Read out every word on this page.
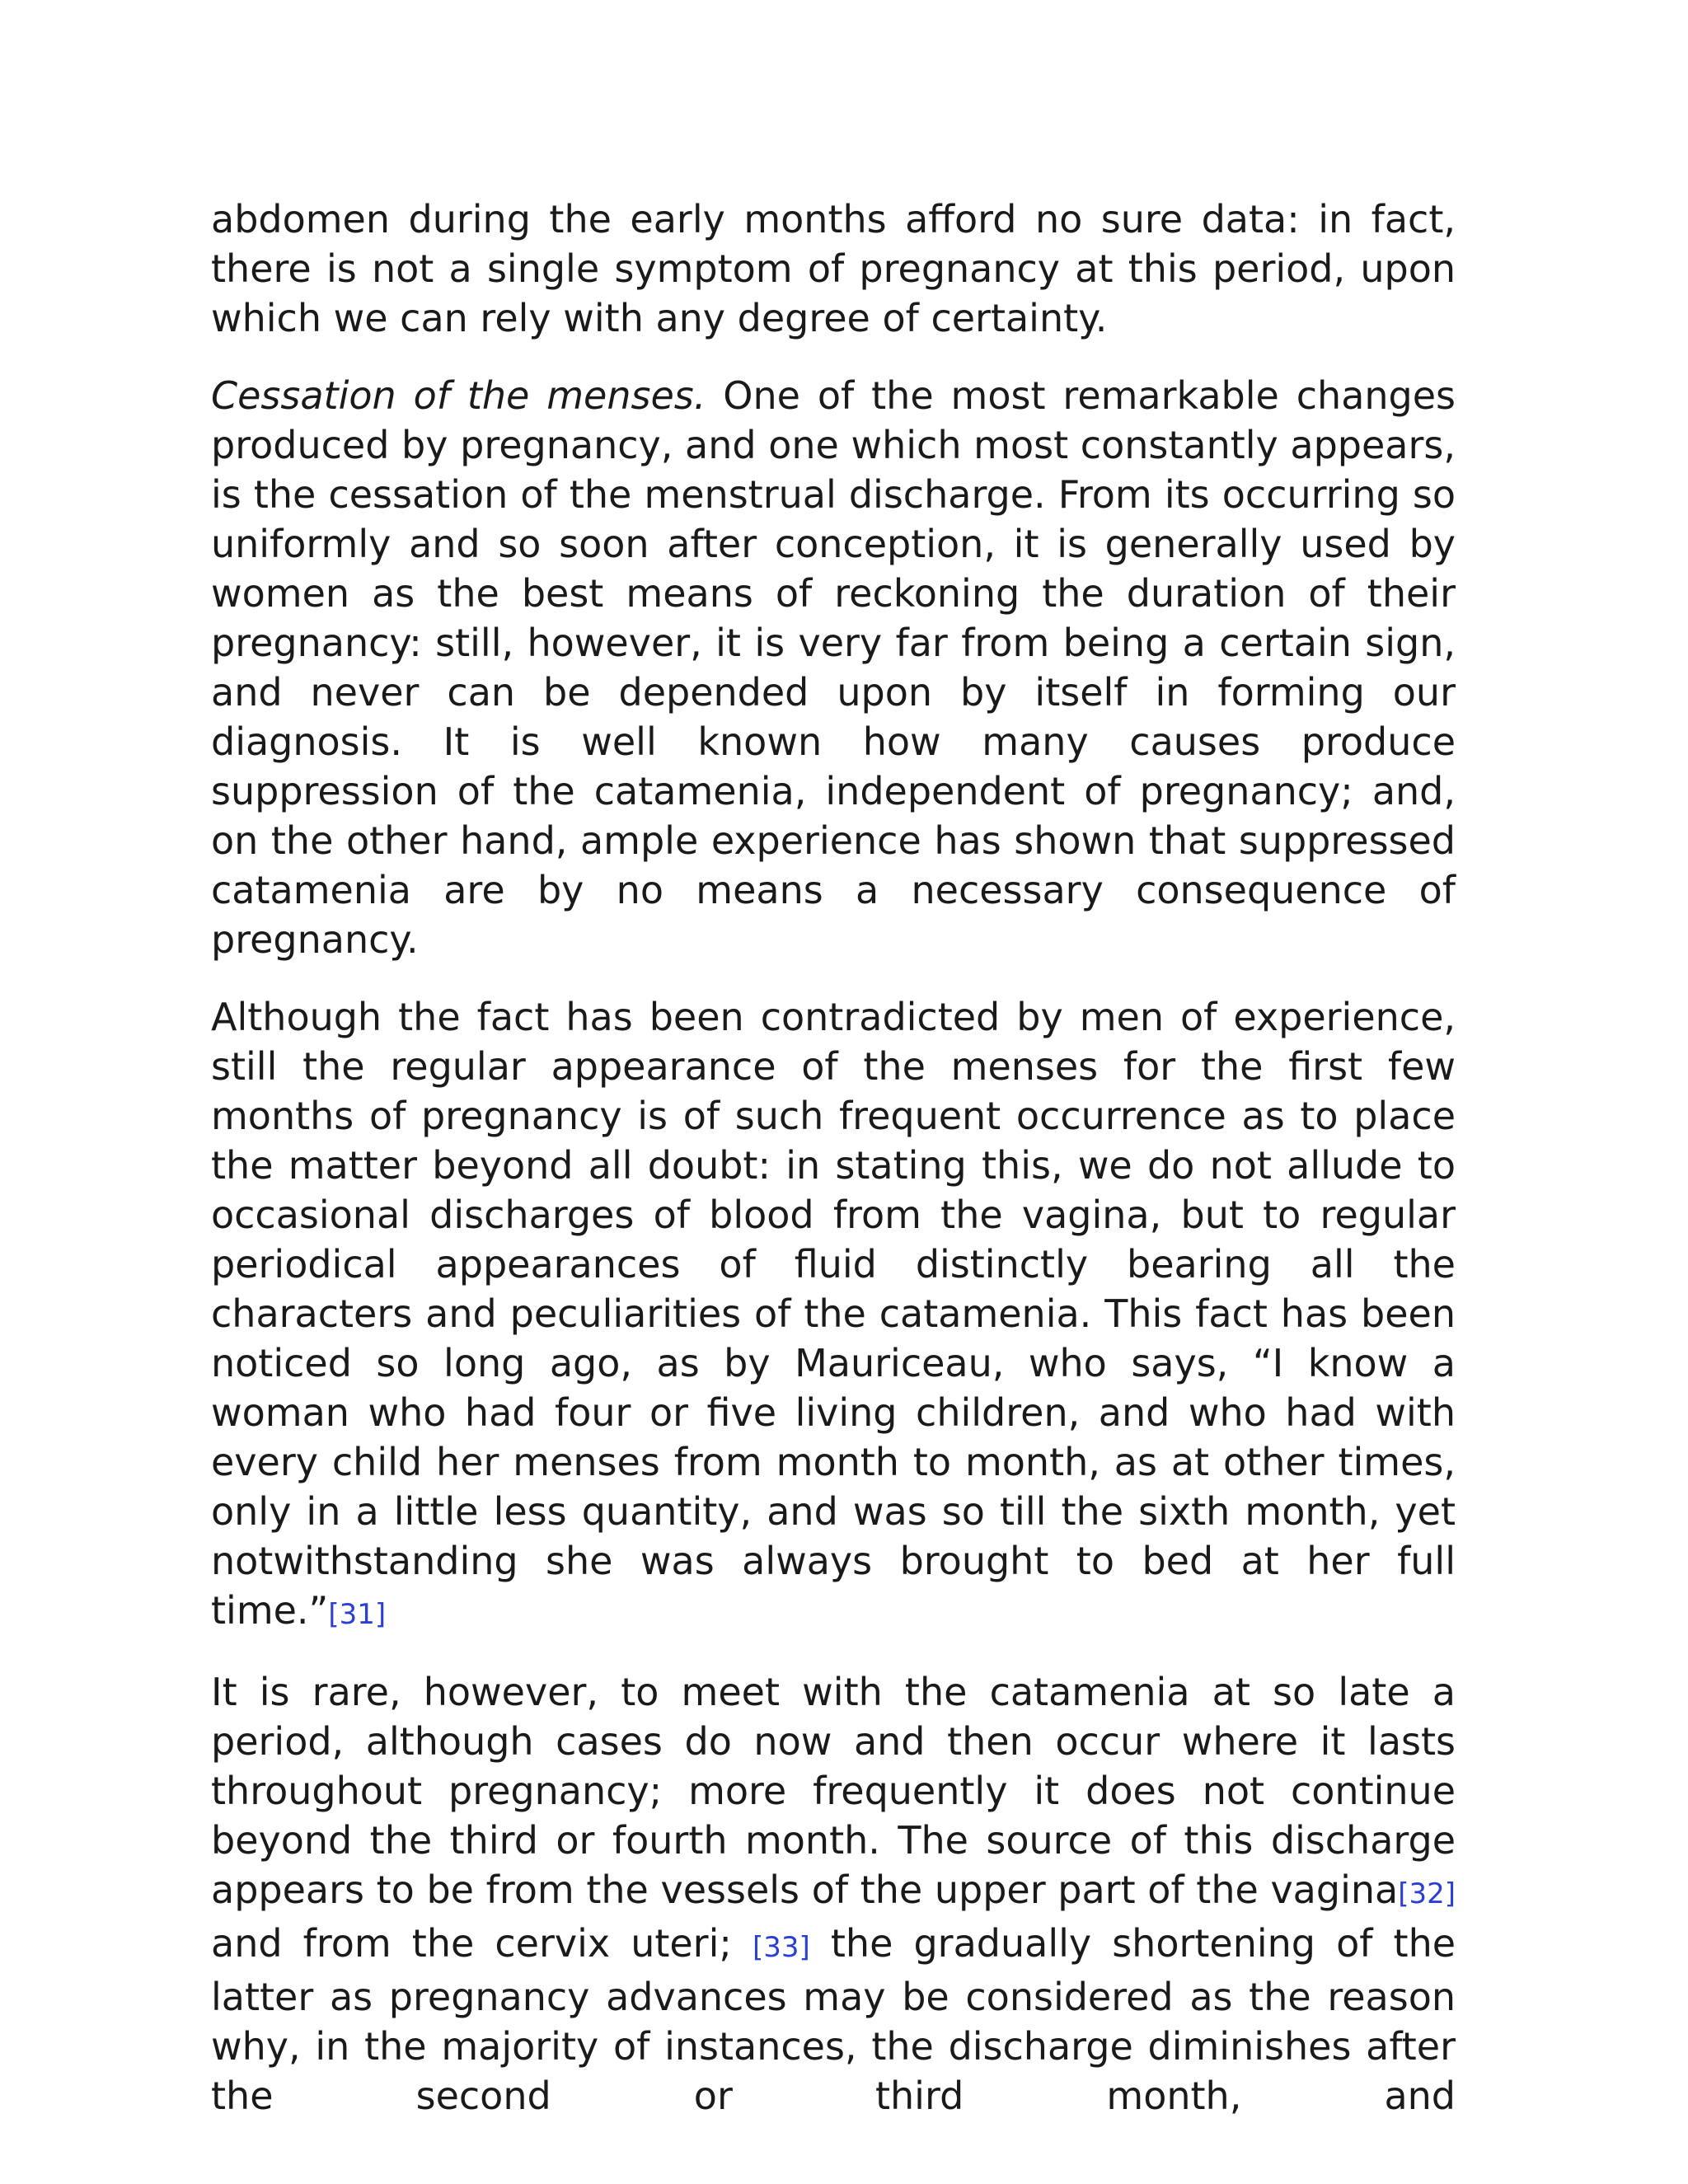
abdomen during the early months afford no sure data: in fact, there is not a single symptom of pregnancy at this period, upon which we can rely with any degree of certainty.

Cessation of the menses. One of the most remarkable changes produced by pregnancy, and one which most constantly appears, is the cessation of the menstrual discharge. From its occurring so uniformly and so soon after conception, it is generally used by women as the best means of reckoning the duration of their pregnancy: still, however, it is very far from being a certain sign, and never can be depended upon by itself in forming our diagnosis. It is well known how many causes produce suppression of the catamenia, independent of pregnancy; and, on the other hand, ample experience has shown that suppressed catamenia are by no means a necessary consequence of pregnancy.

Although the fact has been contradicted by men of experience, still the regular appearance of the menses for the first few months of pregnancy is of such frequent occurrence as to place the matter beyond all doubt: in stating this, we do not allude to occasional discharges of blood from the vagina, but to regular periodical appearances of fluid distinctly bearing all the characters and peculiarities of the catamenia. This fact has been noticed so long ago, as by Mauriceau, who says, “I know a woman who had four or five living children, and who had with every child her menses from month to month, as at other times, only in a little less quantity, and was so till the sixth month, yet notwithstanding she was always brought to bed at her full time.”[31]

It is rare, however, to meet with the catamenia at so late a period, although cases do now and then occur where it lasts throughout pregnancy; more frequently it does not continue beyond the third or fourth month. The source of this discharge appears to be from the vessels of the upper part of the vagina[32] and from the cervix uteri; [33] the gradually shortening of the latter as pregnancy advances may be considered as the reason why, in the majority of instances, the discharge diminishes after the second or third month, and
